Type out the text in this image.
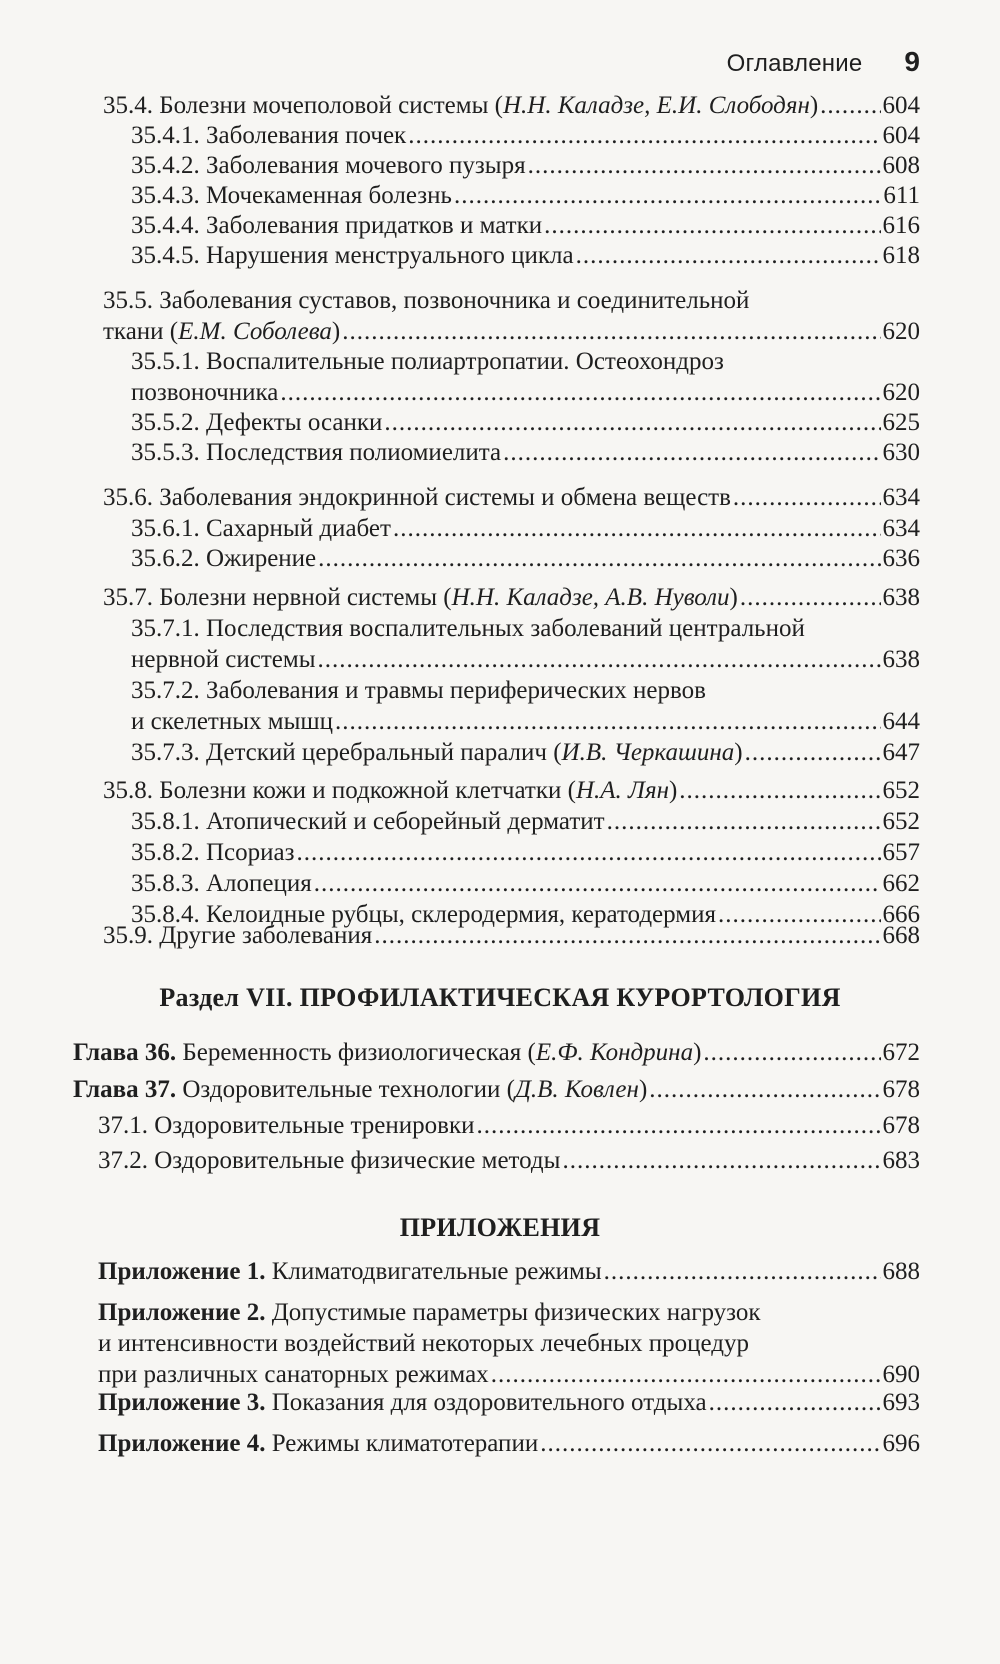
Оглавление 9
35.4. Болезни мочеполовой системы (Н.Н. Каладзе, Е.И. Слободян) .....	604
35.4.1. Заболевания почек .....	604
35.4.2. Заболевания мочевого пузыря .....	608
35.4.3. Мочекаменная болезнь .....	611
35.4.4. Заболевания придатков и матки .....	616
35.4.5. Нарушения менструального цикла .....	618
35.5. Заболевания суставов, позвоночника и соединительной
ткани (Е.М. Соболева) .....	620
35.5.1. Воспалительные полиартропатии. Остеохондроз
позвоночника .....	620
35.5.2. Дефекты осанки .....	625
35.5.3. Последствия полиомиелита .....	630
35.6. Заболевания эндокринной системы и обмена веществ .....	634
35.6.1. Сахарный диабет .....	634
35.6.2. Ожирение .....	636
35.7. Болезни нервной системы (Н.Н. Каладзе, А.В. Нуволи) .....	638
35.7.1. Последствия воспалительных заболеваний центральной
нервной системы .....	638
35.7.2. Заболевания и травмы периферических нервов
и скелетных мышц .....	644
35.7.3. Детский церебральный паралич (И.В. Черкашина) .....	647
35.8. Болезни кожи и подкожной клетчатки (Н.А. Лян) .....	652
35.8.1. Атопический и себорейный дерматит .....	652
35.8.2. Псориаз .....	657
35.8.3. Алопеция .....	662
35.8.4. Келоидные рубцы, склеродермия, кератодермия .....	666
35.9. Другие заболевания .....	668
Раздел VII. ПРОФИЛАКТИЧЕСКАЯ КУРОРТОЛОГИЯ
Глава 36. Беременность физиологическая (Е.Ф. Кондрина) .....	672
Глава 37. Оздоровительные технологии (Д.В. Ковлен) .....	678
37.1. Оздоровительные тренировки .....	678
37.2. Оздоровительные физические методы .....	683
ПРИЛОЖЕНИЯ
Приложение 1. Климатодвигательные режимы .....	688
Приложение 2. Допустимые параметры физических нагрузок
и интенсивности воздействий некоторых лечебных процедур
при различных санаторных режимах .....	690
Приложение 3. Показания для оздоровительного отдыха .....	693
Приложение 4. Режимы климатотерапии .....	696
